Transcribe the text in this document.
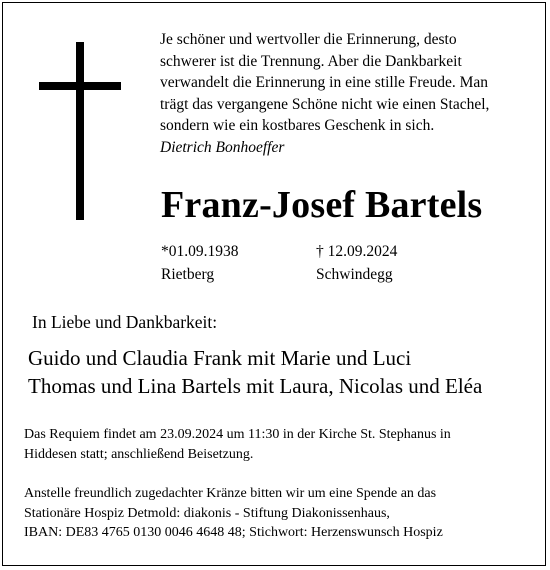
Je schöner und wertvoller die Erinnerung, desto
schwerer ist die Trennung. Aber die Dankbarkeit
verwandelt die Erinnerung in eine stille Freude. Man
trägt das vergangene Schöne nicht wie einen Stachel,
sondern wie ein kostbares Geschenk in sich.
Dietrich Bonhoeffer
Franz-Josef Bartels
*01.09.1938
Rietberg
† 12.09.2024
Schwindegg
In Liebe und Dankbarkeit:
Guido und Claudia Frank mit Marie und Luci
Thomas und Lina Bartels mit Laura, Nicolas und Eléa
Das Requiem findet am 23.09.2024 um 11:30 in der Kirche St. Stephanus in
Hiddesen statt; anschließend Beisetzung.
Anstelle freundlich zugedachter Kränze bitten wir um eine Spende an das
Stationäre Hospiz Detmold: diakonis - Stiftung Diakonissenhaus,
IBAN: DE83 4765 0130 0046 4648 48; Stichwort: Herzenswunsch Hospiz
